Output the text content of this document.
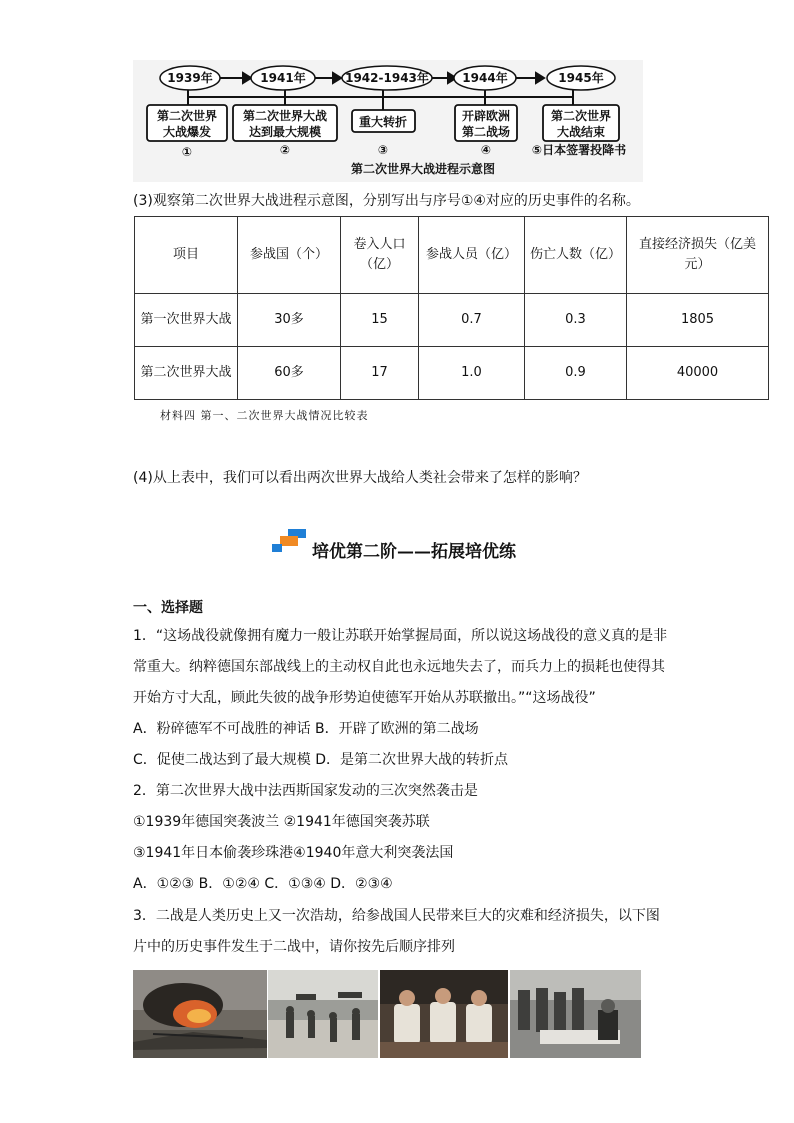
1939年	1941年	1942-1943年	1944年	1945年
第二次世界
大战爆发
第二次世界大战
达到最大规模
重大转折	开辟欧洲
第二战场
第二次世界
大战结束
①	②	③	④	⑤日本签署投降书
第二次世界大战进程示意图
(3)观察第二次世界大战进程示意图，分别写出与序号①④对应的历史事件的名称。
项目	参战国（个）	卷入人口（亿）	参战人员（亿）	伤亡人数（亿）	直接经济损失（亿美元）
第一次世界大战	30多	15	0.7	0.3	1805
第二次世界大战	60多	17	1.0	0.9	40000
材料四 第一、二次世界大战情况比较表
(4)从上表中，我们可以看出两次世界大战给人类社会带来了怎样的影响？
培优第二阶——拓展培优练
一、选择题
1．“这场战役就像拥有魔力一般让苏联开始掌握局面，所以说这场战役的意义真的是非
常重大。纳粹德国东部战线上的主动权自此也永远地失去了，而兵力上的损耗也使得其
开始方寸大乱，顾此失彼的战争形势迫使德军开始从苏联撤出。”“这场战役”
A．粉碎德军不可战胜的神话 B．开辟了欧洲的第二战场
C．促使二战达到了最大规模 D．是第二次世界大战的转折点
2．第二次世界大战中法西斯国家发动的三次突然袭击是
①1939年德国突袭波兰 ②1941年德国突袭苏联
③1941年日本偷袭珍珠港④1940年意大利突袭法国
A．①②③ B．①②④ C．①③④ D．②③④
3．二战是人类历史上又一次浩劫，给参战国人民带来巨大的灾难和经济损失，以下图
片中的历史事件发生于二战中，请你按先后顺序排列
